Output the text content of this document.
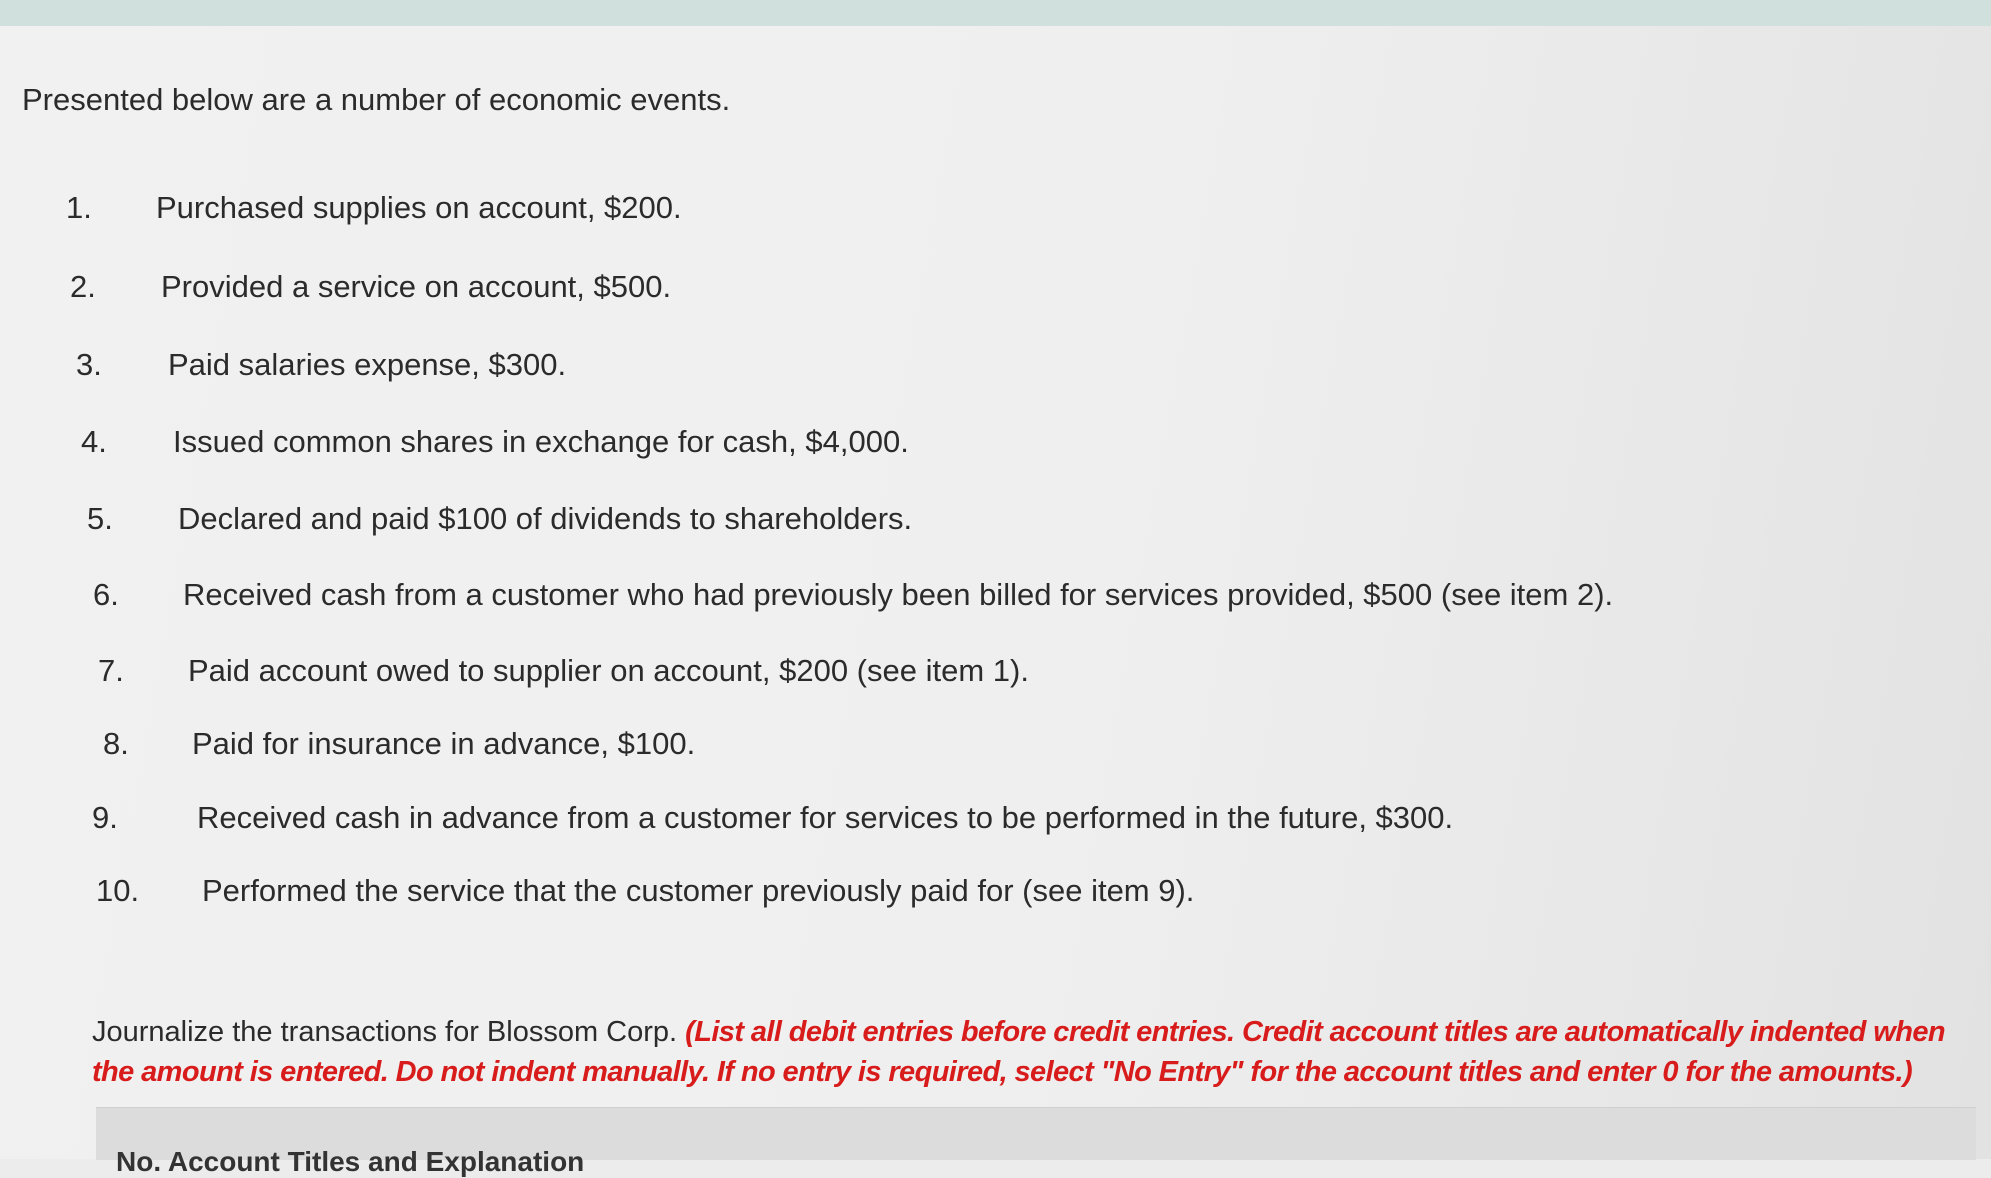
Presented below are a number of economic events.
1. Purchased supplies on account, $200.
2. Provided a service on account, $500.
3. Paid salaries expense, $300.
4. Issued common shares in exchange for cash, $4,000.
5. Declared and paid $100 of dividends to shareholders.
6. Received cash from a customer who had previously been billed for services provided, $500 (see item 2).
7. Paid account owed to supplier on account, $200 (see item 1).
8. Paid for insurance in advance, $100.
9.	Received cash in advance from a customer for services to be performed in the future, $300.
10. Performed the service that the customer previously paid for (see item 9).
Journalize the transactions for Blossom Corp. (List all debit entries before credit entries. Credit account titles are automatically indented when the amount is entered. Do not indent manually. If no entry is required, select "No Entry" for the account titles and enter 0 for the amounts.)
No. Account Titles and Explanation
